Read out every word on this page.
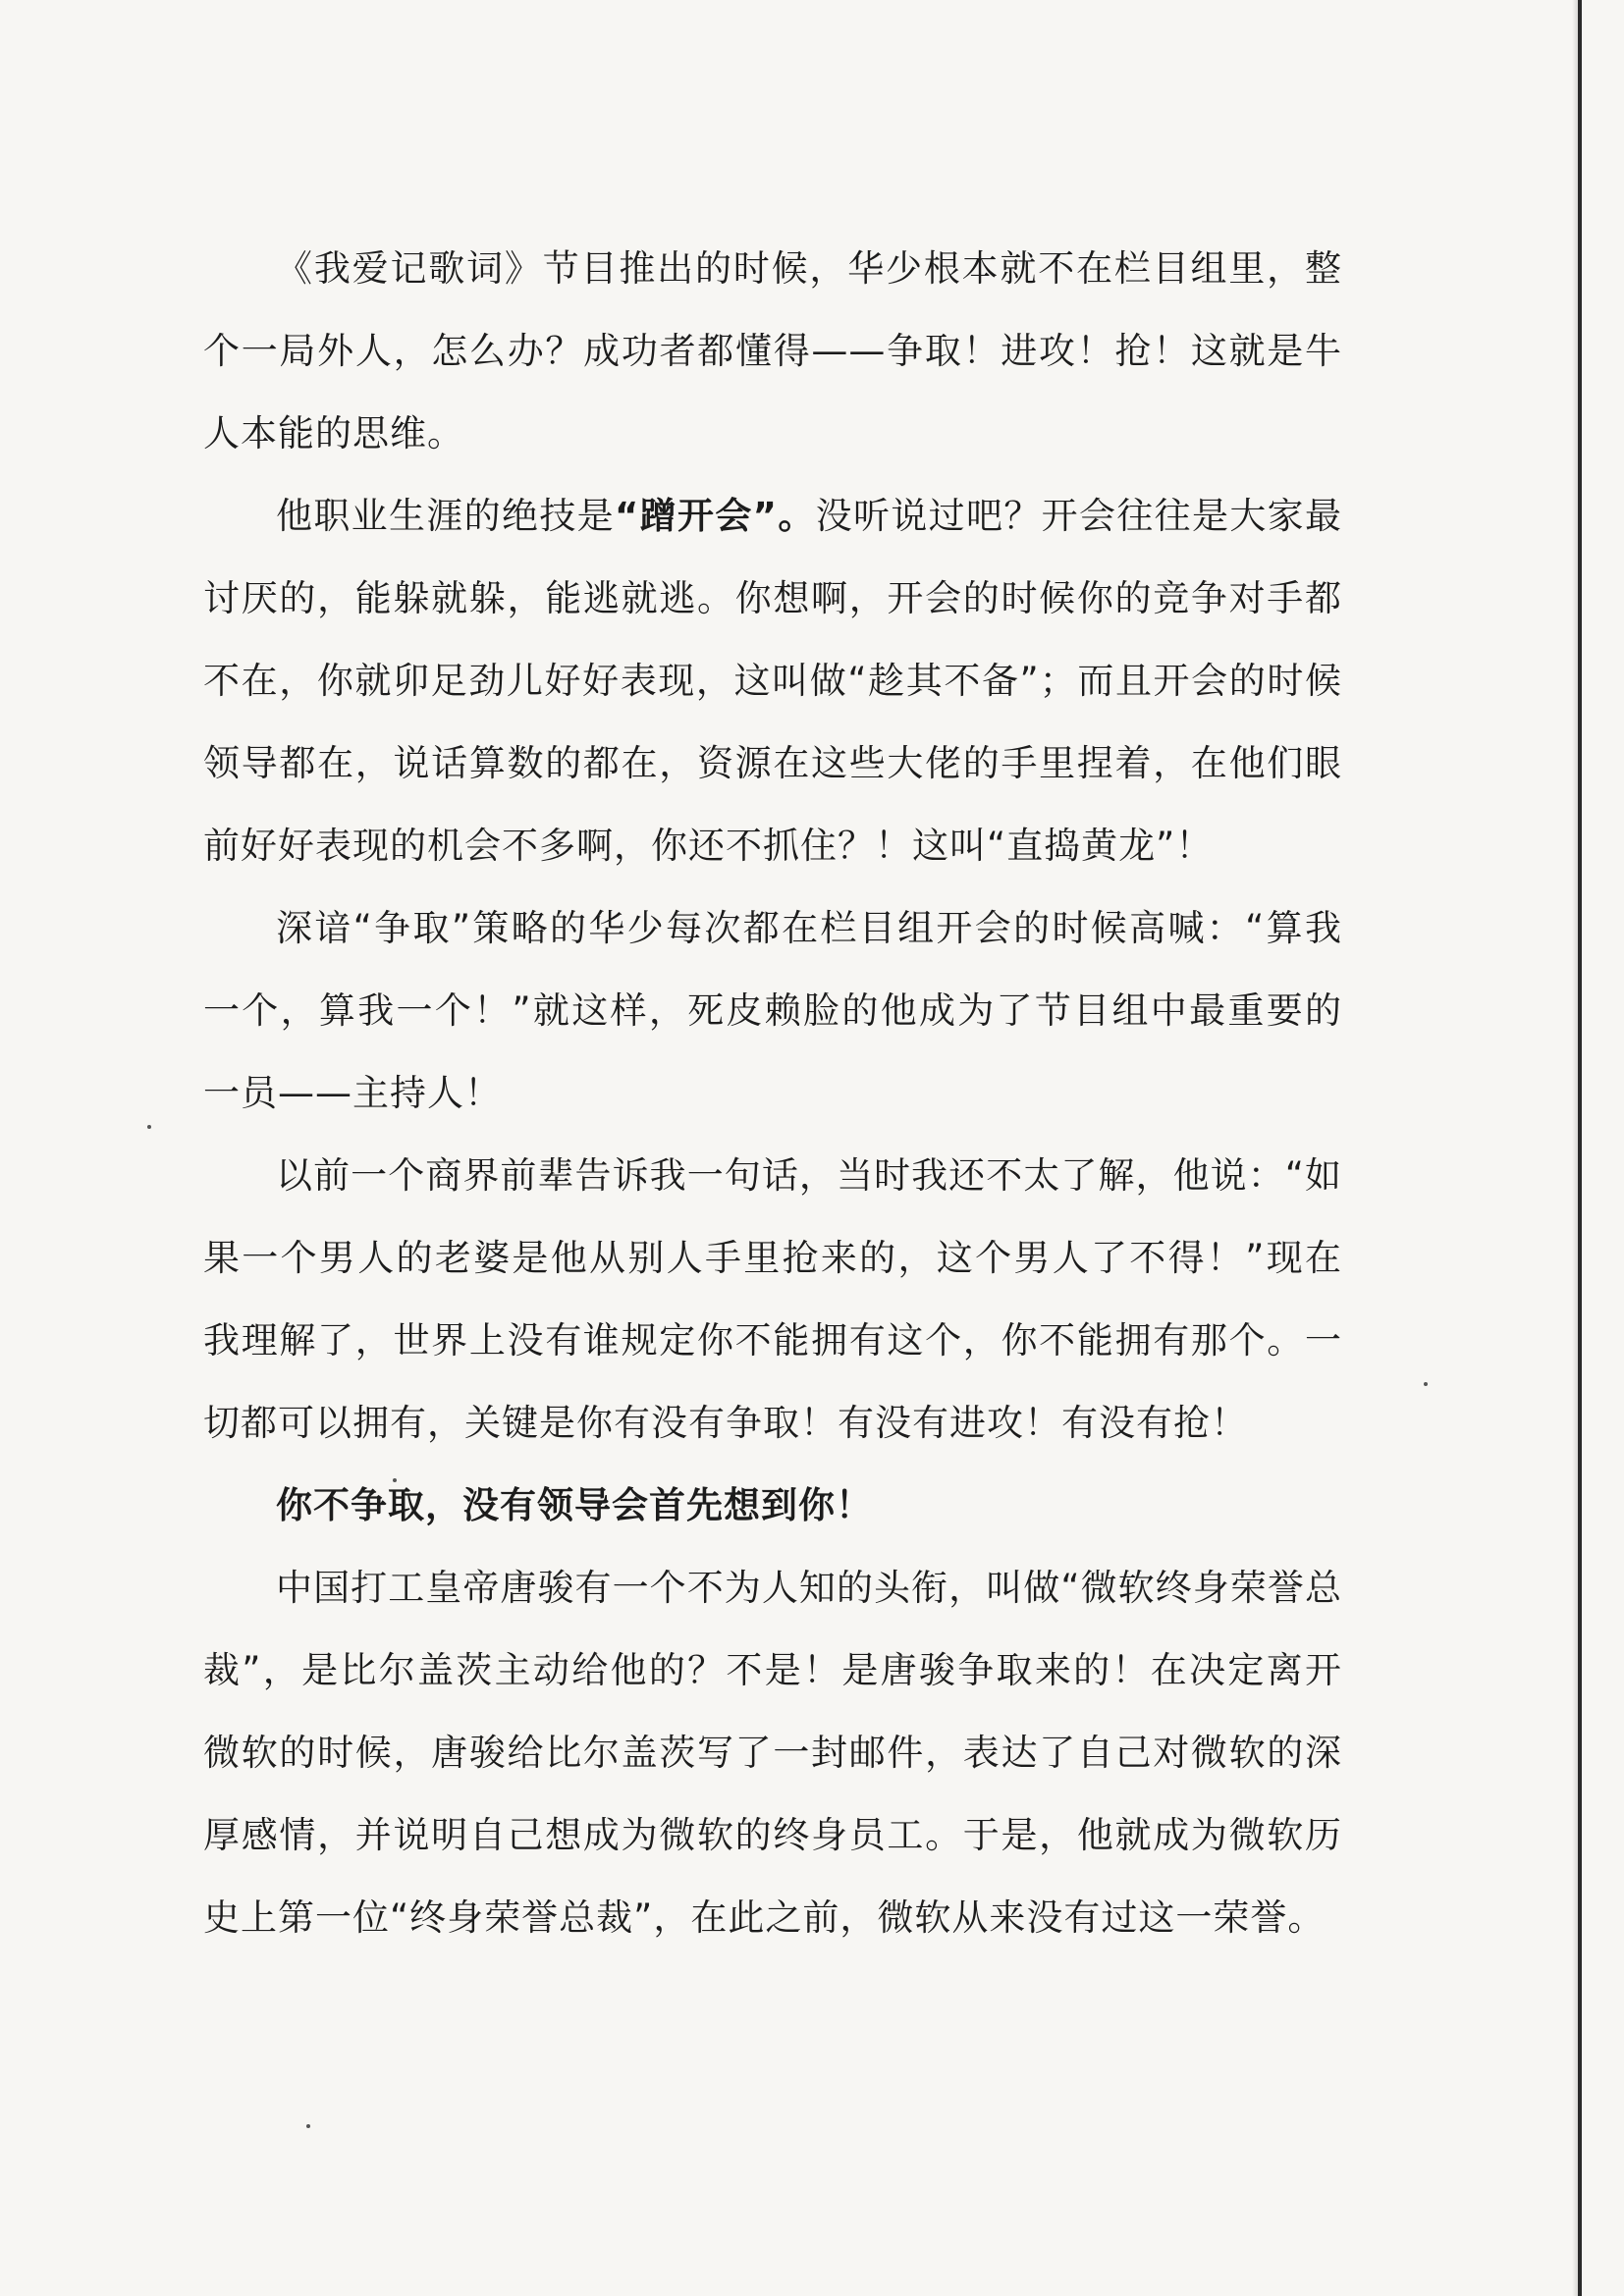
《我爱记歌词》节目推出的时候，华少根本就不在栏目组里，整个一局外人，怎么办？成功者都懂得——争取！进攻！抢！这就是牛人本能的思维。

他职业生涯的绝技是“蹭开会”。没听说过吧？开会往往是大家最讨厌的，能躲就躲，能逃就逃。你想啊，开会的时候你的竞争对手都不在，你就卯足劲儿好好表现，这叫做“趁其不备”；而且开会的时候领导都在，说话算数的都在，资源在这些大佬的手里捏着，在他们眼前好好表现的机会不多啊，你还不抓住？！这叫“直捣黄龙”！

深谙“争取”策略的华少每次都在栏目组开会的时候高喊：“算我一个，算我一个！”就这样，死皮赖脸的他成为了节目组中最重要的一员——主持人！

以前一个商界前辈告诉我一句话，当时我还不太了解，他说：“如果一个男人的老婆是他从别人手里抢来的，这个男人了不得！”现在我理解了，世界上没有谁规定你不能拥有这个，你不能拥有那个。一切都可以拥有，关键是你有没有争取！有没有进攻！有没有抢！

你不争取，没有领导会首先想到你！

中国打工皇帝唐骏有一个不为人知的头衔，叫做“微软终身荣誉总裁”，是比尔盖茨主动给他的？不是！是唐骏争取来的！在决定离开微软的时候，唐骏给比尔盖茨写了一封邮件，表达了自己对微软的深厚感情，并说明自己想成为微软的终身员工。于是，他就成为微软历史上第一位“终身荣誉总裁”，在此之前，微软从来没有过这一荣誉。
